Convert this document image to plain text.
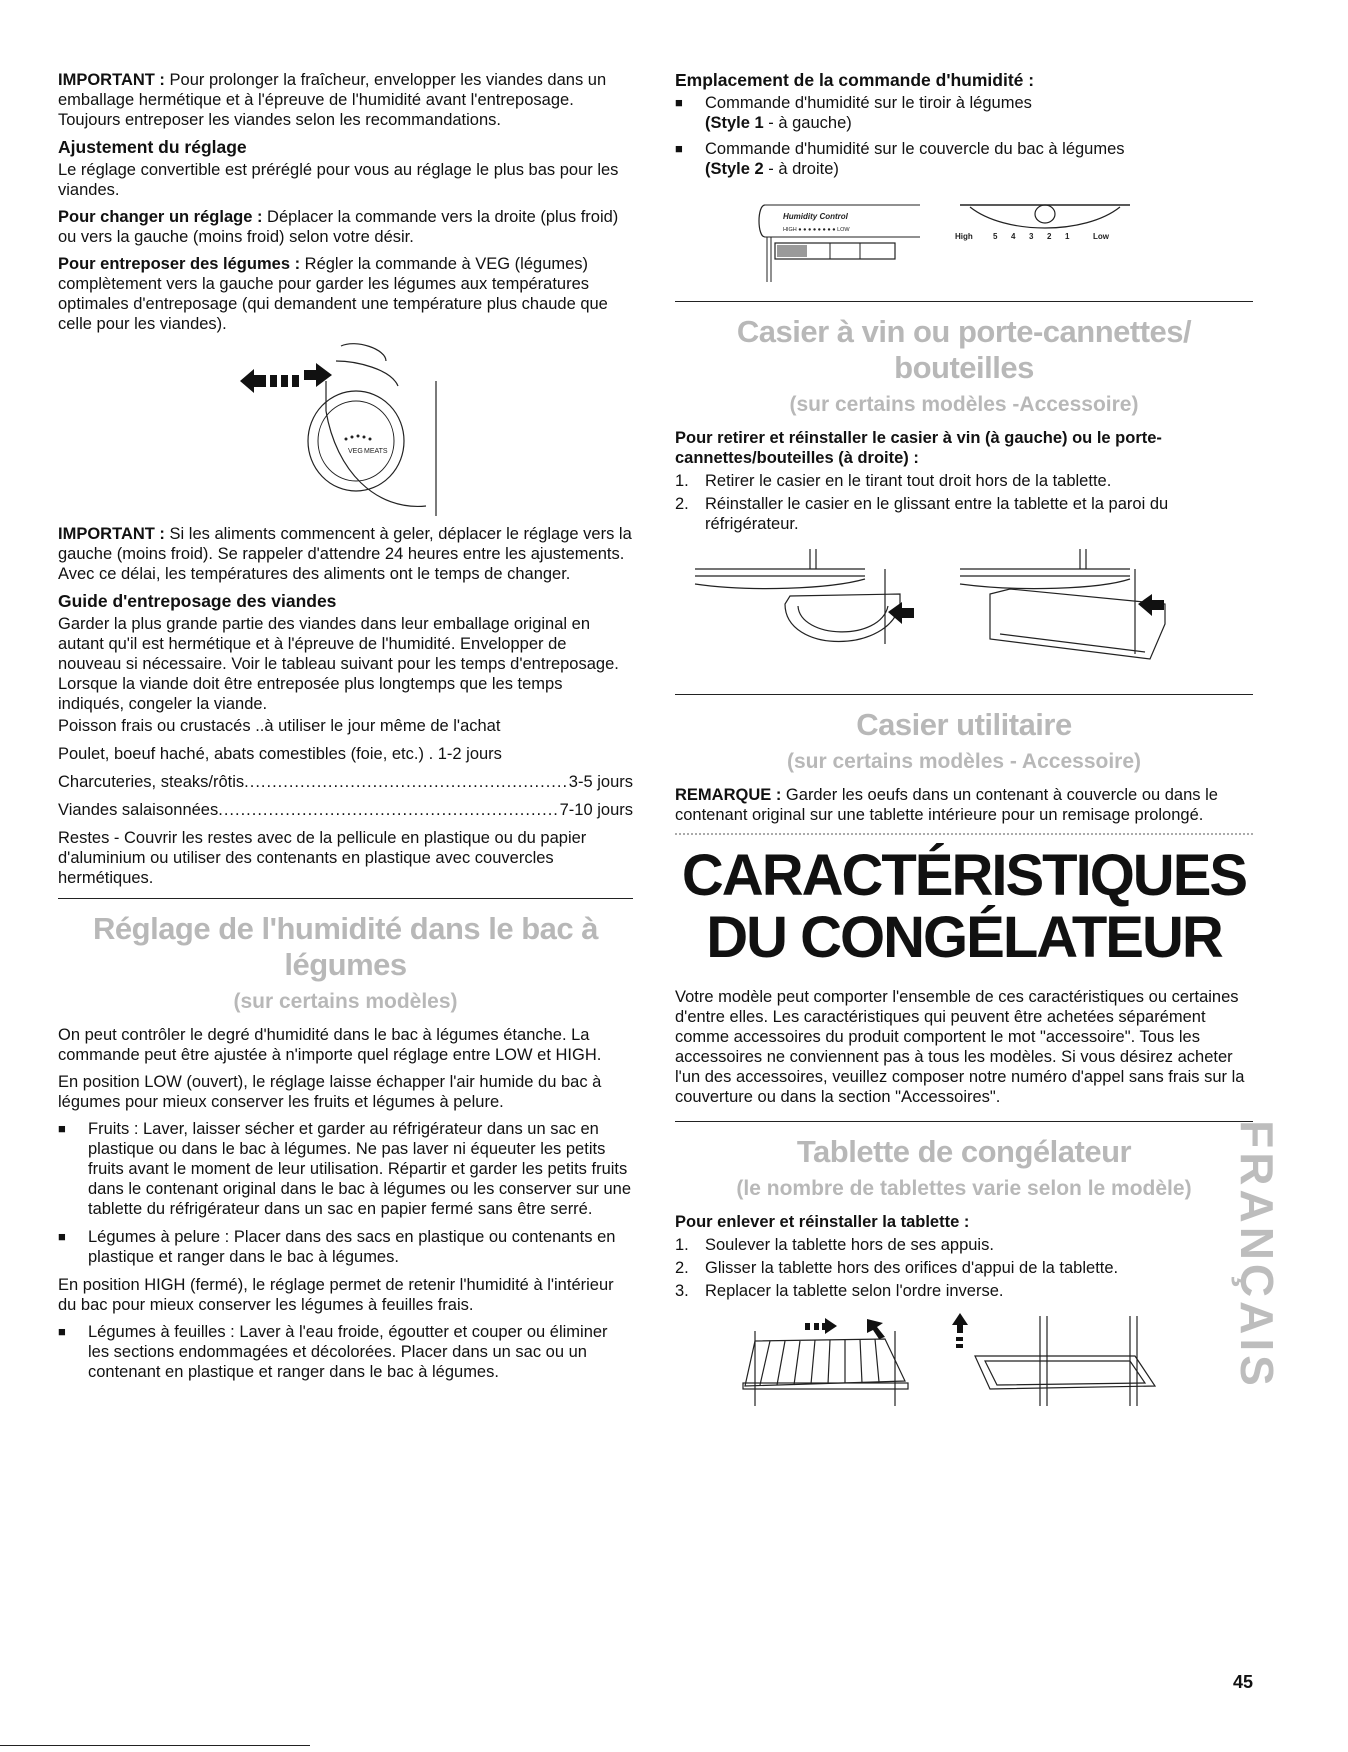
IMPORTANT : Pour prolonger la fraîcheur, envelopper les viandes dans un emballage hermétique et à l'épreuve de l'humidité avant l'entreposage. Toujours entreposer les viandes selon les recommandations.

Ajustement du réglage

Le réglage convertible est préréglé pour vous au réglage le plus bas pour les viandes.

Pour changer un réglage : Déplacer la commande vers la droite (plus froid) ou vers la gauche (moins froid) selon votre désir.

Pour entreposer des légumes : Régler la commande à VEG (légumes) complètement vers la gauche pour garder les légumes aux températures optimales d'entreposage (qui demandent une température plus chaude que celle pour les viandes).

VEG MEATS

IMPORTANT : Si les aliments commencent à geler, déplacer le réglage vers la gauche (moins froid). Se rappeler d'attendre 24 heures entre les ajustements. Avec ce délai, les températures des aliments ont le temps de changer.

Guide d'entreposage des viandes

Garder la plus grande partie des viandes dans leur emballage original en autant qu'il est hermétique et à l'épreuve de l'humidité. Envelopper de nouveau si nécessaire. Voir le tableau suivant pour les temps d'entreposage. Lorsque la viande doit être entreposée plus longtemps que les temps indiqués, congeler la viande.

Poisson frais ou crustacés ..à utiliser le jour même de l'achat

Poulet, boeuf haché, abats comestibles (foie, etc.) . 1-2 jours

Charcuteries, steaks/rôtis .....	3-5 jours
Viandes salaisonnées .....	7-10 jours

Restes - Couvrir les restes avec de la pellicule en plastique ou du papier d'aluminium ou utiliser des contenants en plastique avec couvercles hermétiques.

Réglage de l'humidité dans le bac à légumes
(sur certains modèles)

On peut contrôler le degré d'humidité dans le bac à légumes étanche. La commande peut être ajustée à n'importe quel réglage entre LOW et HIGH.

En position LOW (ouvert), le réglage laisse échapper l'air humide du bac à légumes pour mieux conserver les fruits et légumes à pelure.

■	Fruits : Laver, laisser sécher et garder au réfrigérateur dans un sac en plastique ou dans le bac à légumes. Ne pas laver ni équeuter les petits fruits avant le moment de leur utilisation. Répartir et garder les petits fruits dans le contenant original dans le bac à légumes ou les conserver sur une tablette du réfrigérateur dans un sac en papier fermé sans être serré.
■	Légumes à pelure : Placer dans des sacs en plastique ou contenants en plastique et ranger dans le bac à légumes.

En position HIGH (fermé), le réglage permet de retenir l'humidité à l'intérieur du bac pour mieux conserver les légumes à feuilles frais.

■	Légumes à feuilles : Laver à l'eau froide, égoutter et couper ou éliminer les sections endommagées et décolorées. Placer dans un sac ou un contenant en plastique et ranger dans le bac à légumes.
Emplacement de la commande d'humidité :
■	Commande d'humidité sur le tiroir à légumes
(Style 1 - à gauche)
■	Commande d'humidité sur le couvercle du bac à légumes
(Style 2 - à droite)
Humidity Control
HIGH ● ● ● ● ● ● ● ● LOW
High	5 4 3 2 1	Low
Casier à vin ou porte-cannettes/ bouteilles
(sur certains modèles -Accessoire)

Pour retirer et réinstaller le casier à vin (à gauche) ou le porte-cannettes/bouteilles (à droite) :

1. Retirer le casier en le tirant tout droit hors de la tablette.
2. Réinstaller le casier en le glissant entre la tablette et la paroi du réfrigérateur.
Casier utilitaire
(sur certains modèles - Accessoire)

REMARQUE : Garder les oeufs dans un contenant à couvercle ou dans le contenant original sur une tablette intérieure pour un remisage prolongé.

CARACTÉRISTIQUES
DU CONGÉLATEUR

Votre modèle peut comporter l'ensemble de ces caractéristiques ou certaines d'entre elles. Les caractéristiques qui peuvent être achetées séparément comme accessoires du produit comportent le mot "accessoire". Tous les accessoires ne conviennent pas à tous les modèles. Si vous désirez acheter l'un des accessoires, veuillez composer notre numéro d'appel sans frais sur la couverture ou dans la section "Accessoires".

Tablette de congélateur
(le nombre de tablettes varie selon le modèle)

Pour enlever et réinstaller la tablette :

1. Soulever la tablette hors de ses appuis.
2. Glisser la tablette hors des orifices d'appui de la tablette.
3. Replacer la tablette selon l'ordre inverse.	FRANÇAIS
45
